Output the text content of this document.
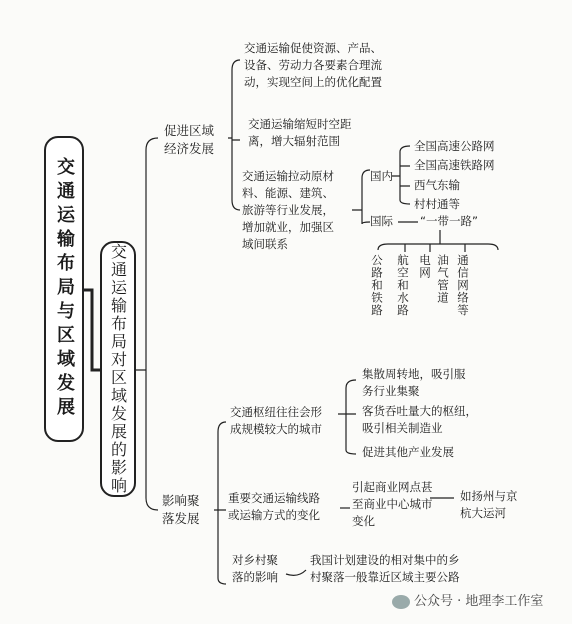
交通运输布局与区域发展 交通运输布局对区域发展的影响
促进区域
经济发展
交通运输促使资源、产品、
设备、劳动力各要素合理流
动，实现空间上的优化配置
交通运输缩短时空距
离，增大辐射范围
交通运输拉动原材
料、能源、建筑、
旅游等行业发展，
增加就业，加强区
域间联系
国内
全国高速公路网
全国高速铁路网
西气东输
村村通等
国际 “一带一路”
公路和铁路 航空和水路 电网 油气管道 通信网络等
影响聚
落发展
交通枢纽往往会形
成规模较大的城市
集散周转地，吸引服
务行业集聚
客货吞吐量大的枢纽，
吸引相关制造业
促进其他产业发展
重要交通运输线路
或运输方式的变化
引起商业网点甚
至商业中心城市
变化
如扬州与京
杭大运河
对乡村聚
落的影响
我国计划建设的相对集中的乡
村聚落一般靠近区域主要公路
公众号 · 地理李工作室
